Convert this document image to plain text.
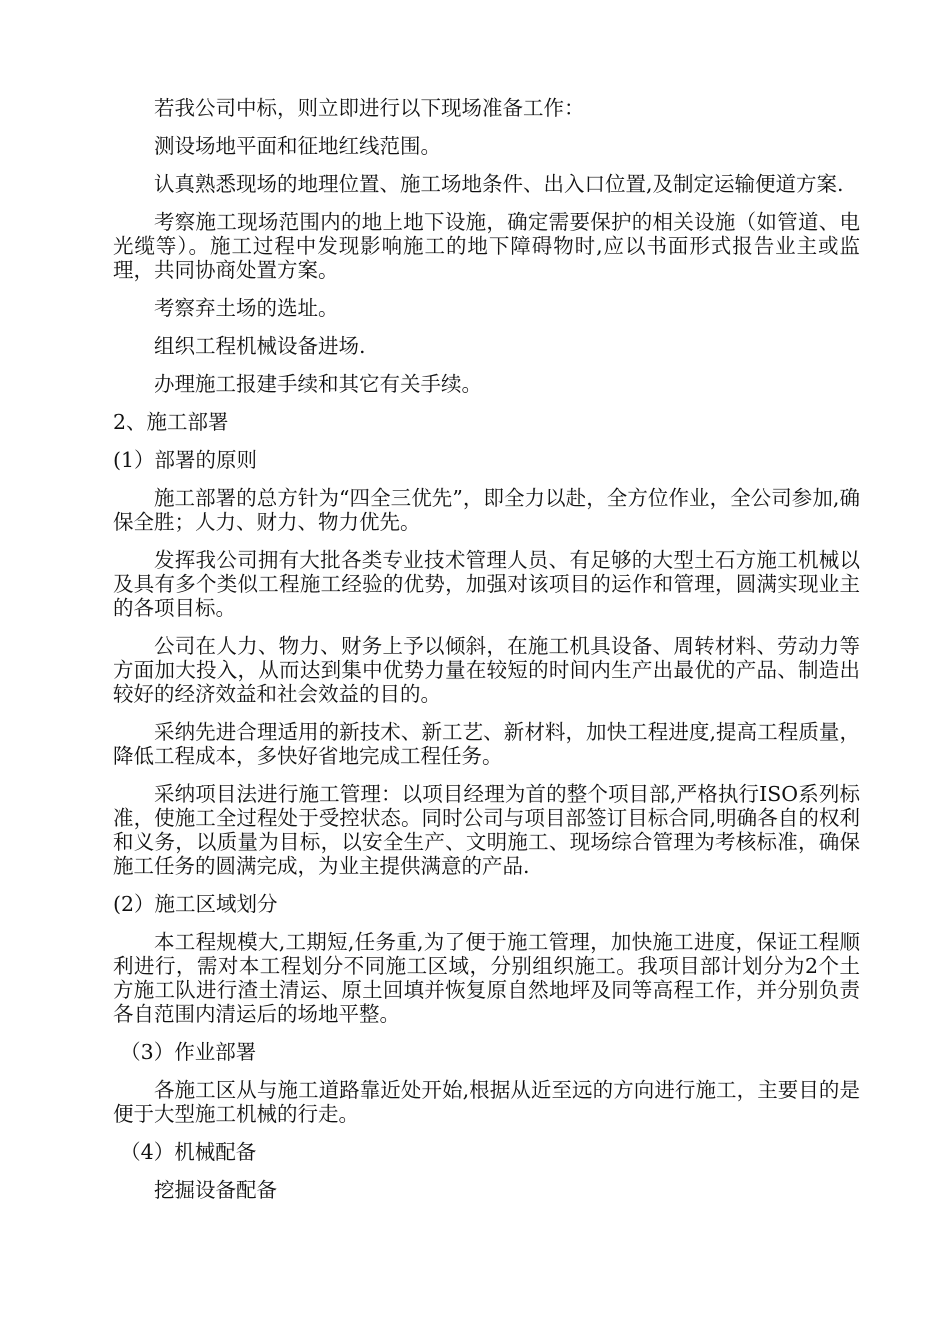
若我公司中标，则立即进行以下现场准备工作：

测设场地平面和征地红线范围。

认真熟悉现场的地理位置、施工场地条件、出入口位置,及制定运输便道方案.

考察施工现场范围内的地上地下设施，确定需要保护的相关设施（如管道、电光缆等）。施工过程中发现影响施工的地下障碍物时,应以书面形式报告业主或监理，共同协商处置方案。

考察弃土场的选址。

组织工程机械设备进场.

办理施工报建手续和其它有关手续。

2、施工部署

(1）部署的原则

施工部署的总方针为“四全三优先”，即全力以赴，全方位作业，全公司参加,确保全胜；人力、财力、物力优先。

发挥我公司拥有大批各类专业技术管理人员、有足够的大型土石方施工机械以及具有多个类似工程施工经验的优势，加强对该项目的运作和管理，圆满实现业主的各项目标。

公司在人力、物力、财务上予以倾斜，在施工机具设备、周转材料、劳动力等方面加大投入，从而达到集中优势力量在较短的时间内生产出最优的产品、制造出较好的经济效益和社会效益的目的。

采纳先进合理适用的新技术、新工艺、新材料，加快工程进度,提高工程质量，降低工程成本，多快好省地完成工程任务。

采纳项目法进行施工管理：以项目经理为首的整个项目部,严格执行ISO系列标准，使施工全过程处于受控状态。同时公司与项目部签订目标合同,明确各自的权利和义务，以质量为目标，以安全生产、文明施工、现场综合管理为考核标准，确保施工任务的圆满完成，为业主提供满意的产品.

(2）施工区域划分

本工程规模大,工期短,任务重,为了便于施工管理，加快施工进度，保证工程顺利进行，需对本工程划分不同施工区域，分别组织施工。我项目部计划分为2个土方施工队进行渣土清运、原土回填并恢复原自然地坪及同等高程工作，并分别负责各自范围内清运后的场地平整。

（3）作业部署

各施工区从与施工道路靠近处开始,根据从近至远的方向进行施工，主要目的是便于大型施工机械的行走。

（4）机械配备

挖掘设备配备
